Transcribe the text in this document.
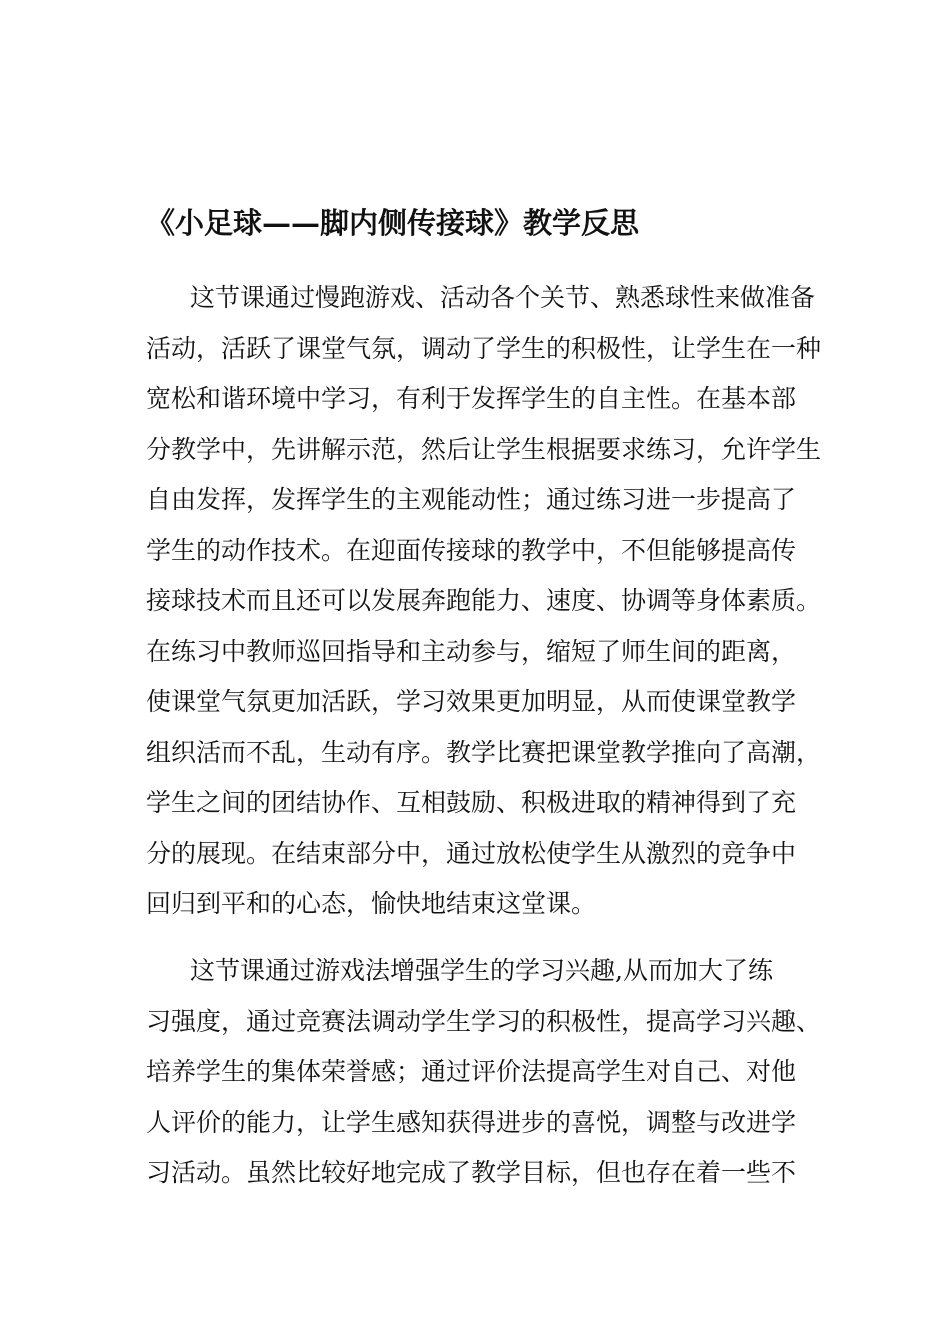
《小足球——脚内侧传接球》教学反思
这节课通过慢跑游戏、活动各个关节、熟悉球性来做准备
活动，活跃了课堂气氛，调动了学生的积极性，让学生在一种
宽松和谐环境中学习，有利于发挥学生的自主性。在基本部
分教学中，先讲解示范，然后让学生根据要求练习，允许学生
自由发挥，发挥学生的主观能动性；通过练习进一步提高了
学生的动作技术。在迎面传接球的教学中，不但能够提高传
接球技术而且还可以发展奔跑能力、速度、协调等身体素质。
在练习中教师巡回指导和主动参与，缩短了师生间的距离，
使课堂气氛更加活跃，学习效果更加明显，从而使课堂教学
组织活而不乱，生动有序。教学比赛把课堂教学推向了高潮，
学生之间的团结协作、互相鼓励、积极进取的精神得到了充
分的展现。在结束部分中，通过放松使学生从激烈的竞争中
回归到平和的心态，愉快地结束这堂课。
这节课通过游戏法增强学生的学习兴趣,从而加大了练
习强度，通过竞赛法调动学生学习的积极性，提高学习兴趣、
培养学生的集体荣誉感；通过评价法提高学生对自己、对他
人评价的能力，让学生感知获得进步的喜悦，调整与改进学
习活动。虽然比较好地完成了教学目标，但也存在着一些不
